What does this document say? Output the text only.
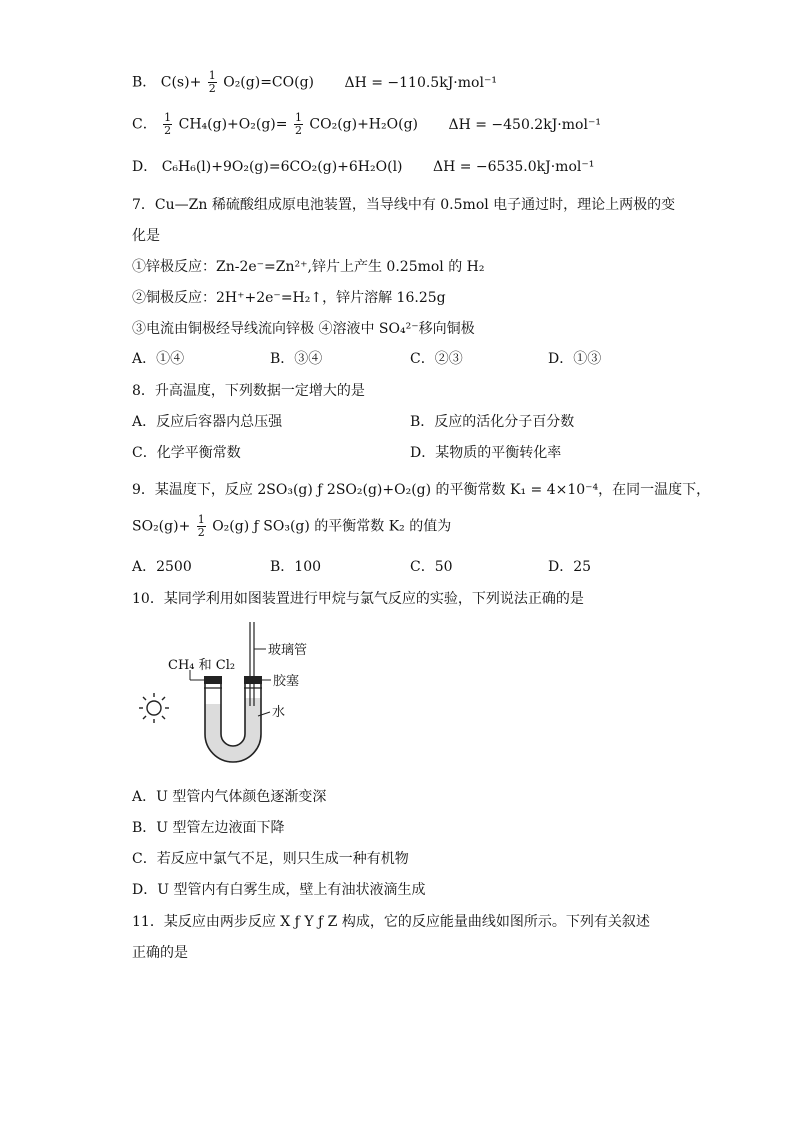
B． $C(s)+ \frac{1}{2} O_2(g)=CO(g) \Delta H = -110.5kJ\cdot mol^{-1}$
C． $\frac{1}{2} CH_4(g)+O_2(g)= \frac{1}{2} CO_2(g)+H_2O(g) \Delta H = -450.2kJ\cdot mol^{-1}$
D． C₆H₆(l)+9O₂(g)=6CO₂(g)+6H₂O(l) ΔH = −6535.0kJ·mol⁻¹
7．Cu—Zn 稀硫酸组成原电池装置，当导线中有 0.5mol 电子通过时，理论上两极的变
化是
①锌极反应：Zn-2e⁻=Zn²⁺,锌片上产生 0.25mol 的 H₂
②铜极反应：2H⁺+2e⁻=H₂↑，锌片溶解 16.25g
③电流由铜极经导线流向锌极 ④溶液中 SO₄²⁻移向铜极
A．①④	B．③④	C．②③	D．①③
8．升高温度，下列数据一定增大的是
A．反应后容器内总压强	B．反应的活化分子百分数
C．化学平衡常数	D．某物质的平衡转化率
9．某温度下，反应 2SO₃(g) ƒ 2SO₂(g)+O₂(g) 的平衡常数 K₁ = 4×10⁻⁴，在同一温度下，
$SO_2(g)+ \frac{1}{2} O_2(g)$ ƒ SO₃(g) 的平衡常数 K₂ 的值为
A．2500	B．100	C．50	D．25
10．某同学利用如图装置进行甲烷与氯气反应的实验，下列说法正确的是
CH₄ 和 Cl₂
玻璃管
胶塞
水
A．U 型管内气体颜色逐渐变深
B．U 型管左边液面下降
C．若反应中氯气不足，则只生成一种有机物
D．U 型管内有白雾生成，壁上有油状液滴生成
11．某反应由两步反应 X ƒ Y ƒ Z 构成，它的反应能量曲线如图所示。下列有关叙述
正确的是
